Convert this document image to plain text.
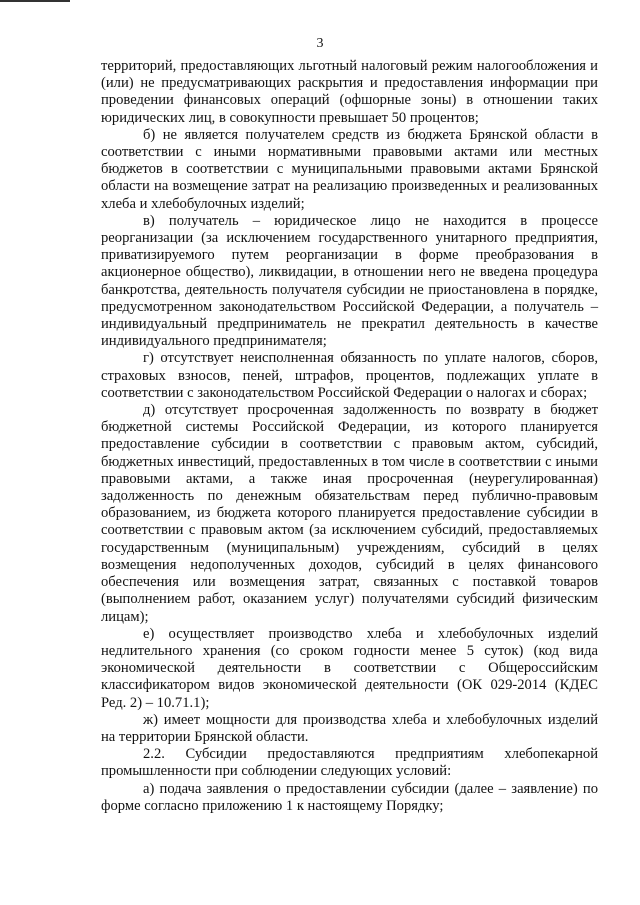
3

территорий, предоставляющих льготный налоговый режим налогообложения и (или) не предусматривающих раскрытия и предоставления информации при проведении финансовых операций (офшорные зоны) в отношении таких юридических лиц, в совокупности превышает 50 процентов;

б) не является получателем средств из бюджета Брянской области в соответствии с иными нормативными правовыми актами или местных бюджетов в соответствии с муниципальными правовыми актами Брянской области на возмещение затрат на реализацию произведенных и реализованных хлеба и хлебобулочных изделий;

в) получатель – юридическое лицо не находится в процессе реорганизации (за исключением государственного унитарного предприятия, приватизируемого путем реорганизации в форме преобразования в акционерное общество), ликвидации, в отношении него не введена процедура банкротства, деятельность получателя субсидии не приостановлена в порядке, предусмотренном законодательством Российской Федерации, а получатель – индивидуальный предприниматель не прекратил деятельность в качестве индивидуального предпринимателя;

г) отсутствует неисполненная обязанность по уплате налогов, сборов, страховых взносов, пеней, штрафов, процентов, подлежащих уплате в соответствии с законодательством Российской Федерации о налогах и сборах;

д) отсутствует просроченная задолженность по возврату в бюджет бюджетной системы Российской Федерации, из которого планируется предоставление субсидии в соответствии с правовым актом, субсидий, бюджетных инвестиций, предоставленных в том числе в соответствии с иными правовыми актами, а также иная просроченная (неурегулированная) задолженность по денежным обязательствам перед публично-правовым образованием, из бюджета которого планируется предоставление субсидии в соответствии с правовым актом (за исключением субсидий, предоставляемых государственным (муниципальным) учреждениям, субсидий в целях возмещения недополученных доходов, субсидий в целях финансового обеспечения или возмещения затрат, связанных с поставкой товаров (выполнением работ, оказанием услуг) получателями субсидий физическим лицам);

е) осуществляет производство хлеба и хлебобулочных изделий недлительного хранения (со сроком годности менее 5 суток) (код вида экономической деятельности в соответствии с Общероссийским классификатором видов экономической деятельности (ОК 029-2014 (КДЕС Ред. 2) – 10.71.1);

ж) имеет мощности для производства хлеба и хлебобулочных изделий на территории Брянской области.

2.2. Субсидии предоставляются предприятиям хлебопекарной промышленности при соблюдении следующих условий:

а) подача заявления о предоставлении субсидии (далее – заявление) по форме согласно приложению 1 к настоящему Порядку;
